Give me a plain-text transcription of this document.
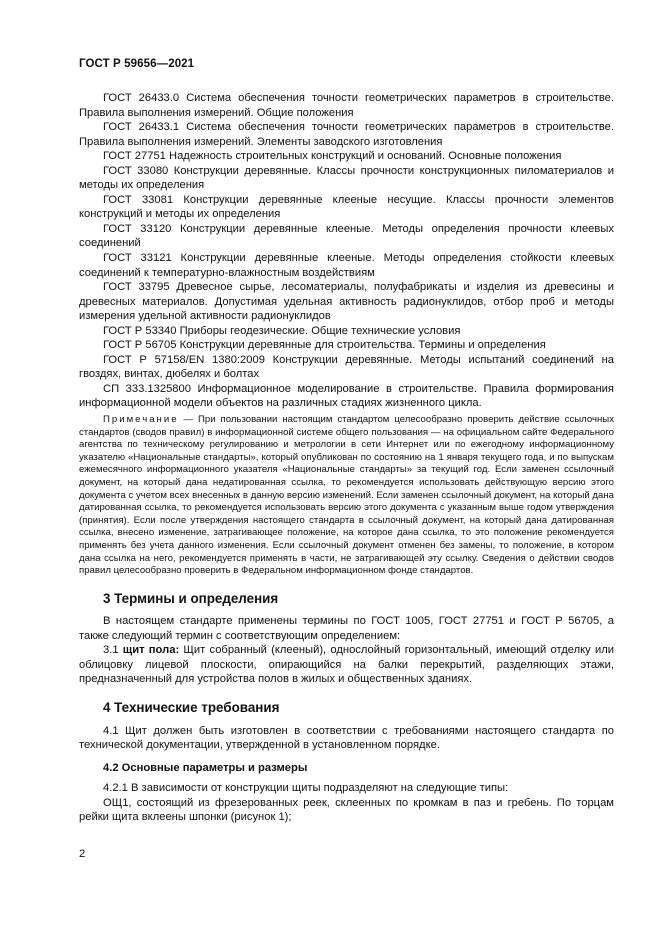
ГОСТ Р 59656—2021

ГОСТ 26433.0 Система обеспечения точности геометрических параметров в строительстве. Правила выполнения измерений. Общие положения

ГОСТ 26433.1 Система обеспечения точности геометрических параметров в строительстве. Правила выполнения измерений. Элементы заводского изготовления

ГОСТ 27751 Надежность строительных конструкций и оснований. Основные положения

ГОСТ 33080 Конструкции деревянные. Классы прочности конструкционных пиломатериалов и методы их определения

ГОСТ 33081 Конструкции деревянные клееные несущие. Классы прочности элементов конструкций и методы их определения

ГОСТ 33120 Конструкции деревянные клееные. Методы определения прочности клеевых соединений

ГОСТ 33121 Конструкции деревянные клееные. Методы определения стойкости клеевых соединений к температурно-влажностным воздействиям

ГОСТ 33795 Древесное сырье, лесоматериалы, полуфабрикаты и изделия из древесины и древесных материалов. Допустимая удельная активность радионуклидов, отбор проб и методы измерения удельной активности радионуклидов

ГОСТ Р 53340 Приборы геодезические. Общие технические условия

ГОСТ Р 56705 Конструкции деревянные для строительства. Термины и определения

ГОСТ Р 57158/EN 1380:2009 Конструкции деревянные. Методы испытаний соединений на гвоздях, винтах, дюбелях и болтах

СП 333.1325800 Информационное моделирование в строительстве. Правила формирования информационной модели объектов на различных стадиях жизненного цикла.

Примечание — При пользовании настоящим стандартом целесообразно проверить действие ссылочных стандартов (сводов правил) в информационной системе общего пользования — на официальном сайте Федерального агентства по техническому регулированию и метрологии в сети Интернет или по ежегодному информационному указателю «Национальные стандарты», который опубликован по состоянию на 1 января текущего года, и по выпускам ежемесячного информационного указателя «Национальные стандарты» за текущий год. Если заменен ссылочный документ, на который дана недатированная ссылка, то рекомендуется использовать действующую версию этого документа с учетом всех внесенных в данную версию изменений. Если заменен ссылочный документ, на который дана датированная ссылка, то рекомендуется использовать версию этого документа с указанным выше годом утверждения (принятия). Если после утверждения настоящего стандарта в ссылочный документ, на который дана датированная ссылка, внесено изменение, затрагивающее положение, на которое дана ссылка, то это положение рекомендуется применять без учета данного изменения. Если ссылочный документ отменен без замены, то положение, в котором дана ссылка на него, рекомендуется применять в части, не затрагивающей эту ссылку. Сведения о действии сводов правил целесообразно проверить в Федеральном информационном фонде стандартов.
3 Термины и определения

В настоящем стандарте применены термины по ГОСТ 1005, ГОСТ 27751 и ГОСТ Р 56705, а также следующий термин с соответствующим определением:

3.1 щит пола: Щит собранный (клееный), однослойный горизонтальный, имеющий отделку или облицовку лицевой плоскости, опирающийся на балки перекрытий, разделяющих этажи, предназначенный для устройства полов в жилых и общественных зданиях.

4 Технические требования

4.1 Щит должен быть изготовлен в соответствии с требованиями настоящего стандарта по технической документации, утвержденной в установленном порядке.

4.2 Основные параметры и размеры

4.2.1 В зависимости от конструкции щиты подразделяют на следующие типы:

ОЩ1, состоящий из фрезерованных реек, склеенных по кромкам в паз и гребень. По торцам рейки щита вклеены шпонки (рисунок 1);

2
